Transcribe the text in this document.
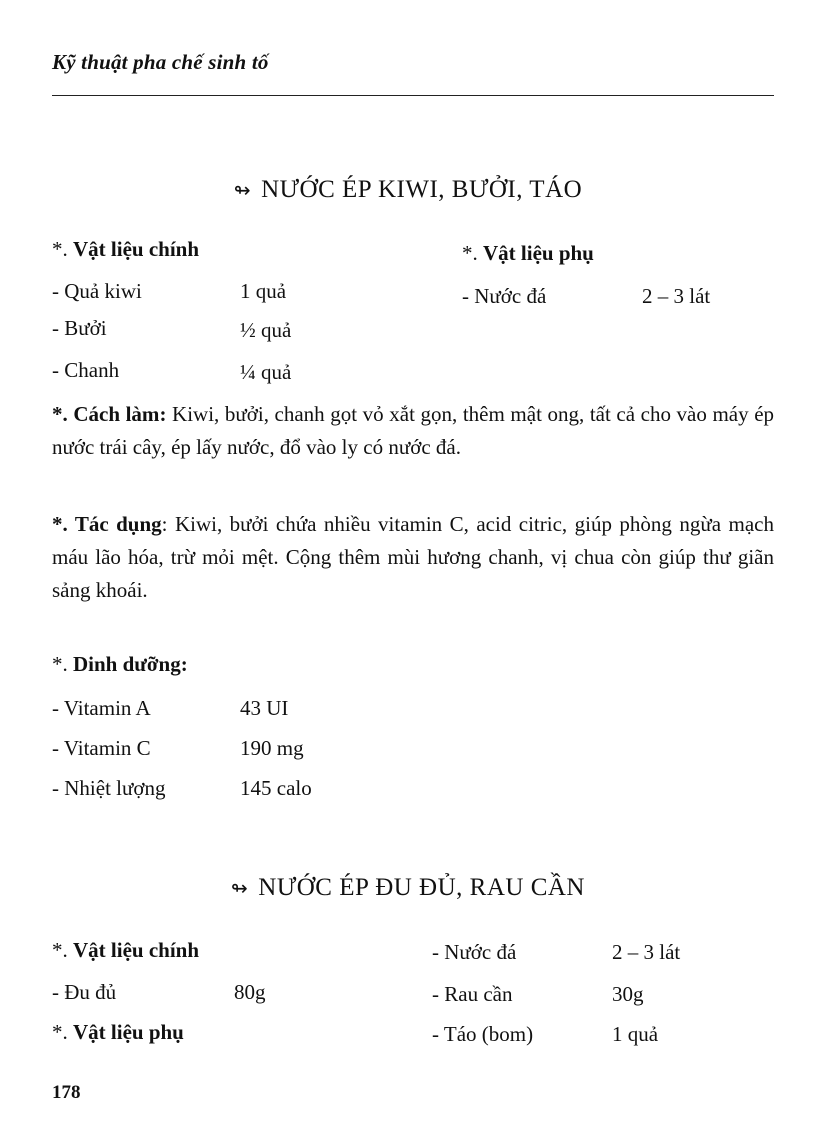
Kỹ thuật pha chế sinh tố
↬ NƯỚC ÉP KIWI, BƯỞI, TÁO
*. Vật liệu chính	*. Vật liệu phụ
- Quả kiwi	1 quả	- Nước đá	2 – 3 lát
- Bưởi	½ quả
- Chanh	¼ quả

*. Cách làm: Kiwi, bưởi, chanh gọt vỏ xắt gọn, thêm mật ong, tất cả cho vào máy ép nước trái cây, ép lấy nước, đổ vào ly có nước đá.

*. Tác dụng: Kiwi, bưởi chứa nhiều vitamin C, acid citric, giúp phòng ngừa mạch máu lão hóa, trừ mỏi mệt. Cộng thêm mùi hương chanh, vị chua còn giúp thư giãn sảng khoái.

*. Dinh dưỡng:
- Vitamin A	43 UI
- Vitamin C	190 mg
- Nhiệt lượng	145 calo
↬ NƯỚC ÉP ĐU ĐỦ, RAU CẦN
*. Vật liệu chính	- Nước đá	2 – 3 lát
- Đu đủ	80g	- Rau cần	30g
*. Vật liệu phụ	- Táo (bom)	1 quả
178
